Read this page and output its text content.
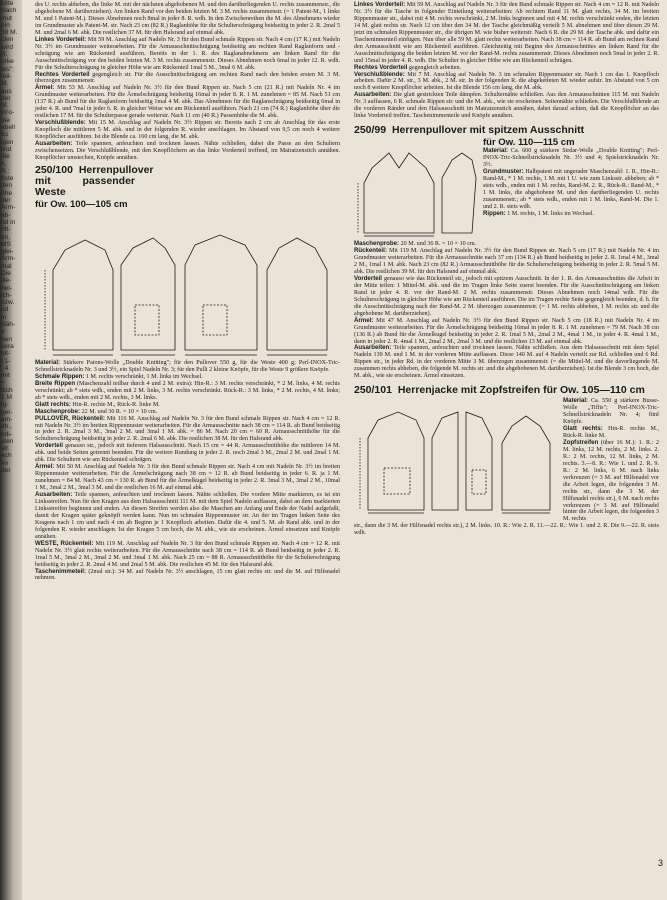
bitte

Nach

mut

ein

58 M.

iden

wird

R.

orke

tes":

teil-

M.

aus

der

M.

ktro-

die

abell

zu

igen

lind

die

h.

R.:

hste

den

öhe

der

Arm-

ab-

nd in

ritt-

en,

MS

glei-

Arm-

mal

Die

ilie-

hel-

ich-

nzw.

nd

in

Näh-

e

hen

cera

nit-

I 1-

; 4

mit

=

tlich

1 M

Ig-

ger-

am-

dh.,

ndi-

sten

str.

ach

en

der

des U. rechts abheben, die linke M. mit der nächsten abgehobenen M. und den darüberliegenden U. rechts zusammenstr., die abgehobene M. darüberziehen). Am linken Rand vor den beiden letzten M. 3 M. rechts zusammenstr. (= 1 Patent-M., 1 linke M. und 1 Patent-M.). Dieses Abnehmen noch 8mal in jeder 8. R. wdh. In den Zwischenreihen die M. des Abnehmens wieder im Grundmuster als Patent-M. str. Nach 23 cm (82 R.) Raglanhöhe für die Schulterschrägung beidseitig in jeder 2. R. 2mal 5 M. und 2mal 6 M. abk. Die restlichen 37 M. für den Halsrand auf einmal abk.

Linkes Vorderteil: Mit 59 M. Anschlag auf Nadeln Nr. 3 für den Bund schmale Rippen str. Nach 4 cm (17 R.) mit Nadeln Nr. 3½ im Grundmuster weiterarbeiten. Für die Armausschnittschrägung beidseitig am rechten Rand Raglanform und -schrägung wie am Rückenteil ausführen. Bereits in der 1. R. des Raglanabnehmens am linken Rand für die Ausschnittschrägung vor den beiden letzten M. 3 M. rechts zusammenstr. Dieses Abnehmen noch 6mal in jeder 12. R. wdh. Für die Schulterschrägung in gleicher Höhe wie am Rückenteil 1mal 5 M., 3mal 6 M. abk.

Rechtes Vorderteil gegengleich str. Für die Ausschnittschrägung am rechten Rand nach den beiden ersten M. 3 M. überzogen zusammenstr.

Ärmel: Mit 53 M. Anschlag auf Nadeln Nr. 3½ für den Bund Rippen str. Nach 5 cm (21 R.) mit Nadeln Nr. 4 im Grundmuster weiterarbeiten. Für die Ärmelschrägung beidseitig 16mal in jeder 8. R. 1 M. zunehmen = 85 M. Nach 51 cm (137 R.) ab Bund für die Raglanform beidseitig 1mal 4 M. abk. Das Abnehmen für die Raglanschrägung beidseitig 6mal in jeder 4. R. und 7mal in jeder 6. R. in gleicher Weise wie am Rückenteil ausführen. Nach 21 cm (74 R.) Raglanhöhe über die restlichen 17 M. für die Schulterpasse gerade weiterstr. Nach 11 cm (40 R.) Passenhöhe die M. abk.

Verschlußblende: Mit 15 M. Anschlag auf Nadeln Nr. 3½ Rippen str. Bereits nach 2 cm ab Anschlag für das erste Knopfloch die mittleren 5 M. abk. und in der folgenden R. wieder anschlagen. Im Abstand von 9,5 cm noch 4 weitere Knopflöcher ausführen. Ist die Blende ca. 160 cm lang, die M. abk.

Ausarbeiten: Teile spannen, anfeuchten und trocknen lassen. Nähte schließen, dabei die Passe an den Schultern zwischensetzen. Die Verschlußblende, mit den Knopflöchern an das linke Vorderteil treffend, im Matratzenstich annähen. Knopflöcher umstechen, Knöpfe annähen.

250/100 Herrenpullover mit passender Weste

für Ow. 100—105 cm

Material: Stärkere Patons-Wolle „Double Knitting"; für den Pullover 550 g, für die Weste 400 g; Perl-INOX-Tric-Schnellstricknadeln Nr. 3 und 3½, ein Spiel Nadeln Nr. 3; für den Pulli 2 kleine Knöpfe, für die Weste 9 größere Knöpfe.

Schmale Rippen: 1 M. rechts verschränkt, 1 M. links im Wechsel.

Breite Rippen (Maschenzahl teilbar durch 4 und 2 M. extra): Hin-R.: 3 M. rechts verschränkt, * 2 M. links, 4 M. rechts verschränkt; ab * stets wdh., enden mit 2 M. links, 3 M. rechts verschränkt. Rück-R.: 3 M. links, * 2 M. rechts, 4 M. links; ab * stets wdh., enden mit 2 M. rechts, 3 M. links.

Glatt rechts: Hin-R. rechte M., Rück-R. linke M.

Maschenprobe: 22 M. und 30 R. = 10 × 10 cm.

PULLOVER, Rückenteil: Mit 116 M. Anschlag auf Nadeln Nr. 3 für den Bund schmale Rippen str. Nach 4 cm = 12 R. mit Nadeln Nr. 3½ im breiten Rippenmuster weiterarbeiten. Für die Armausschnitte nach 38 cm = 114 R. ab Bund beidseitig in jeder 2. R. 2mal 3 M., 3mal 2 M. und 3mal 1 M. abk. = 86 M. Nach 20 cm = 60 R. Armausschnitthöhe für die Schulterschrägung beidseitig in jeder 2. R. 2mal 6 M. abk. Die restlichen 38 M. für den Halsrand abk.

Vorderteil genauso str., jedoch mit tieferem Halsausschnitt. Nach 15 cm = 44 R. Armausschnitthöhe die mittleren 14 M. abk. und beide Seiten getrennt beenden. Für die weitere Rundung in jeder 2. R. noch 2mal 3 M., 2mal 2 M. und 2mal 1 M. abk. Die Schultern wie am Rückenteil schrägen.

Ärmel: Mit 50 M. Anschlag auf Nadeln Nr. 3 für den Bund schmale Rippen str. Nach 4 cm mit Nadeln Nr. 3½ im breiten Rippenmuster weiterarbeiten. Für die Ärmelschrägung nach 38 cm = 12 R. ab Bund beidseitig in jeder 6. R. ja 1 M. zunehmen = 84 M. Nach 43 cm = 130 R. ab Bund für die Ärmelkugel beidseitig in jeder 2. R. 3mal 3 M., 3mal 2 M., 10mal 1 M., 3mal 2 M., 3mal 3 M. und die restlichen 16 M. auf einmal abk.

Ausarbeiten: Teile spannen, anfeuchten und trocknen lassen. Nähte schließen. Die vordere Mitte markieren, es ist ein Linksstreifen. Nun für den Kragen aus dem Halsausschnitt 111 M. mit dem Spiel Nadeln auffassen, dabei an dem markierten Linksstreifen beginnen und enden. An diesen Streifen werden also die Maschen am Anfang und Ende der Nadel aufgefaßt, damit der Kragen später geknöpft werden kann. Nun im schmalen Rippenmuster str. An der im Tragen linken Seite des Kragens nach 1 cm und nach 4 cm ab Beginn je 1 Knopfloch arbeiten. Dafür die 4. und 5. M. ab Rand abk. und in der folgenden R. wieder anschlagen. Ist der Kragen 5 cm hoch, die M. abk., wie sie erscheinen. Ärmel einsetzen und Knöpfe annähen.

WESTE, Rückenteil: Mit 119 M. Anschlag auf Nadeln Nr. 3 für den Bund schmale Rippen str. Nach 4 cm = 12 R. mit Nadeln Nr. 3½ glatt rechts weiterarbeiten. Für die Armausschnitte nach 38 cm = 114 R. ab Bund beidseitig in jeder 2. R. 1mal 5 M., 3mal 2 M., 3mal 2 M. und 3mal 1 M. abk. Nach 25 cm = 88 R. Armausschnitthöhe für die Schulterschrägung beidseitig in jeder 2. R. 2mal 4 M. und 2mal 5 M. abk. Die restlichen 45 M. für den Halsrand abk.

Taschenimmeteil: (2mal str.): 34 M. auf Nadeln Nr. 3½ anschlagen, 15 cm glatt rechts str. und die M. auf Hilfsnadel nehmen.

Linkes Vorderteil: Mit 59 M. Anschlag auf Nadeln Nr. 3 für den Bund schmale Rippen str. Nach 4 cm = 12 R. mit Nadeln Nr. 3½ für die Tasche in folgender Einteilung weiterarbeiten: Ab rechtem Rand 11 M. glatt rechts, 34 M. im breiten Rippenmuster str., dabei mit 4 M. rechts verschränkt, 2 M. links beginnen und mit 4 M. rechts verschränkt enden, die letzten 14 M. glatt rechts str. Nach 12 cm über den 34 M. der Tasche gleichmäßig verteilt 5 M. abnehmen und über diesen 29 M. jetzt im schmalen Rippenmuster str., die übrigen M. wie bisher weiterstr. Nach 6 R. die 29 M. der Tasche abk. und dafür ein Taschenimnenteil einfügen. Nun über alle 59 M. glatt rechts weiterarbeiten. Nach 38 cm = 114 R. ab Bund am rechten Rand den Armausschnitt wie am Rückenteil ausführen. Gleichzeitig mit Beginn des Armausschnittes am linken Rand für die Ausschnittschrägung die beiden letzten M. vor der Rand-M. rechts zusammenstr. Dieses Abnehmen noch 5mal in jeder 2. R. und 15mal in jeder 4. R. wdh. Die Schulter in gleicher Höhe wie am Rückenteil schrägen.

Rechtes Vorderteil gegengleich arbeiten.

Verschlußblende: Mit 7 M. Anschlag auf Nadeln Nr. 3 im schmalen Rippenmuster str. Nach 1 cm das 1. Knopfloch arbeiten. Dafür 2 M. str., 3 M. abk., 2 M. str. In der folgenden R. die abgeketteten M. wieder aufstr. Im Abstand von 5 cm noch 8 weitere Knopflöcher arbeiten. Ist die Blende 156 cm lang, die M. abk.

Ausarbeiten: Die glatt gestrickten Teile dämpfen. Schulternähte schließen. Aus den Armausschnitten 115 M. mit Nadeln Nr. 3 auffassen, 6 R. schmale Rippen str. und die M. abk., wie sie erscheinen. Seitennähte schließen. Die Verschlußblende an die vorderen Ränder und den Halsausschnitt im Matratzenstich annähen, dabei darauf achten, daß die Knopflöcher an das linke Vorderteil treffen. Taschenimmenteile und Knöpfe annähen.

250/99 Herrenpullover mit spitzem Ausschnitt

für Ow. 110—115 cm

Material: Ca. 600 g stärkere Sirdar-Wolle „Double Knitting"; Perl-INOX-Tric-Schnellstricknadeln Nr. 3½ und 4; Spielstricknadeln Nr. 3½.

Grundmuster: Halbpatent mit ungerader Maschenzahl: 1. R., Hin-R.: Rand-M., * 1 M. rechts, 1 M. mit 1 U. wie zum Linksstr. abheben; ab * stets wdh., enden mit 1 M. rechts, Rand-M. 2. R., Rück-R.: Rand-M., * 1 M. links, die abgehobene M. und den darüberliegenden U. rechts zusammenstr.; ab * stets wdh., enden mit 1 M. links, Rand-M. Die 1. und 2. R. stets wdh.

Rippen: 1 M. rechts, 1 M. links im Wechsel.

Maschenprobe: 20 M. und 36 R. = 10 × 10 cm.

Rückenteil: Mit 119 M. Anschlag auf Nadeln Nr. 3½ für den Bund Rippen str. Nach 5 cm (17 R.) mit Nadeln Nr. 4 im Grundmuster weiterarbeiten. Für die Armausschnitte nach 37 cm (134 R.) ab Bund beidseitig in jeder 2. R. 1mal 4 M., 3mal 2 M., 1mal 1 M. abk. Nach 23 cm (82 R.) Armausschnitthöhe für die Schulterschrägung beidseitig in jeder 2. R. 5mal 5 M. abk. Die restlichen 39 M. für den Halsrand auf einmal abk.

Vorderteil genauso wie das Rückenteil str., jedoch mit spitzem Ausschnitt. In der 1. R. des Armausschnittes die Arbeit in der Mitte teilen: 1 Mittel-M. abk. und die im Tragen linke Seite zuerst beenden. Für die Ausschnittschrägung am linken Rand in jeder 4. R. vor der Rand-M. 2 M. rechts zusammenstr. Dieses Abnehmen noch 14mal wdh. Für die Schulterschrägung in gleicher Höhe wie am Rückenteil ausführen. Die im Tragen rechte Seite gegengleich beenden, d. h. für die Ausschnittschrägung nach der Rand-M. 2 M. überzogen zusammenstr. (= 1 M. rechts abheben, 1 M. rechts str. und die abgehobene M. darüberziehen).

Ärmel: Mit 47 M. Anschlag auf Nadeln Nr. 3½ für den Bund Rippen str. Nach 5 cm (18 R.) mit Nadeln Nr. 4 im Grundmuster weiterarbeiten. Für die Ärmelschrägung beidseitig 16mal in jeder 8. R. 1 M. zunehmen = 79 M. Nach 38 cm (136 R.) ab Bund für die Ärmelkugel beidseitig in jeder 2. R. 1mal 5 M., 2mal 2 M., 4mal 1 M., in jeder 4. R. 4mal 1 M., dann in jeder 2. R. 4mal 1 M., 2mal 2 M., 2mal 3 M. und die restlichen 13 M. auf einmal abk.

Ausarbeiten: Teile spannen, anfeuchten und trocknen lassen. Nähte schließen. Aus dem Halsausschnitt mit dem Spiel Nadeln 139 M. und 1 M. in der vorderen Mitte auffassen. Diese 140 M. auf 4 Nadeln verteilt zur Rd. schließen und 6 Rd. Rippen str., in jeder Rd. in der vorderen Mitte 3 M. überzogen zusammenstr. (= die Mittel-M. und die davorliegende M. zusammen rechts abheben, die folgende M. rechts str. und die abgehobenen M. darüberziehen). Ist die Blende 3 cm hoch, die M. abk., wie sie erscheinen. Ärmel einsetzen.

250/101 Herrenjacke mit Zopfstreifen für Ow. 105—110 cm

Material: Ca. 550 g stärkere Busse-Wolle „Tiffis"; Perl-INOX-Tric-Schnellstricknadeln Nr. 4; fünf Knöpfe.

Glatt rechts: Hin-R. rechte M., Rück-R. linke M.

Zopfstreifen (über 16 M.): 1. R.: 2 M. links, 12 M. rechts, 2 M. links. 2. R.: 2 M. rechts, 12 M. links, 2 M. rechts. 3.—8. R.: Wie 1. und 2. R. 9. R.: 2 M. links, 6 M. nach links verkreuzen (= 3 M. auf Hilfsnadel vor die Arbeit legen, die folgenden 3 M. rechts str., dann die 3 M. der Hilfsnadel rechts str.), 6 M. nach rechts verkreuzen (= 3 M. auf Hilfsnadel hinter die Arbeit legen, die folgenden 3 M. rechts

str., dann die 3 M. der Hilfsnadel rechts str.), 2 M. links. 10. R.: Wie 2. R. 11.—22. R.: Wie 1. und 2. R. Die 9.—22. R. stets wdh.

3
